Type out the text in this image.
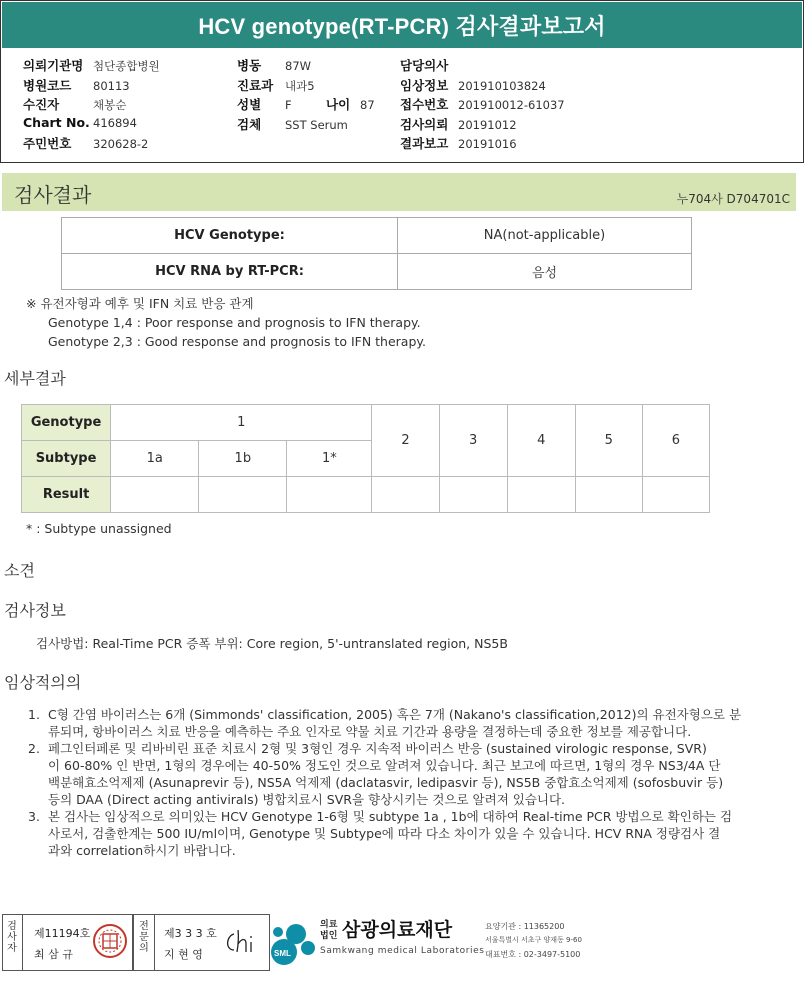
HCV genotype(RT-PCR) 검사결과보고서
의뢰기관명 첨단종합병원
병원코드 80113
수진자	채봉순
Chart No. 416894
주민번호 320628-2
병동 87W
진료과 내과5
성별 F	나이 87
검체 SST Serum
담당의사
임상정보 201910103824
접수번호 201910012-61037
검사의뢰 20191012
결과보고 20191016
검사결과	누704사 D704701C
HCV Genotype:	NA(not-applicable)
HCV RNA by RT-PCR:	음성
※ 유전자형과 예후 및 IFN 치료 반응 관계
Genotype 1,4 : Poor response and prognosis to IFN therapy.
Genotype 2,3 : Good response and prognosis to IFN therapy.
세부결과
Genotype	1			2	3	4	5	6
Subtype	1a	1b	1*					
Result								
* : Subtype unassigned
소견
검사정보
검사방법: Real-Time PCR 증폭 부위: Core region, 5'-untranslated region, NS5B
임상적의의
1. C형 간염 바이러스는 6개 (Simmonds' classification, 2005) 혹은 7개 (Nakano's classification,2012)의 유전자형으로 분
류되며, 항바이러스 치료 반응을 예측하는 주요 인자로 약물 치료 기간과 용량을 결정하는데 중요한 정보를 제공합니다.
2. 페그인터페론 및 리바비린 표준 치료시 2형 및 3형인 경우 지속적 바이러스 반응 (sustained virologic response, SVR)
이 60-80% 인 반면, 1형의 경우에는 40-50% 정도인 것으로 알려져 있습니다. 최근 보고에 따르면, 1형의 경우 NS3/4A 단
백분해효소억제제 (Asunaprevir 등), NS5A 억제제 (daclatasvir, ledipasvir 등), NS5B 중합효소억제제 (sofosbuvir 등)
등의 DAA (Direct acting antivirals) 병합치료시 SVR을 향상시키는 것으로 알려져 있습니다.
3. 본 검사는 임상적으로 의미있는 HCV Genotype 1-6형 및 subtype 1a , 1b에 대하여 Real-time PCR 방법으로 확인하는 검
사로서, 검출한계는 500 IU/ml이며, Genotype 및 Subtype에 따라 다소 차이가 있을 수 있습니다. HCV RNA 정량검사 결
과와 correlation하시기 바랍니다.
검사자
제11194호
최 삼 규
전문의
제3 3 3 호
지 현 영	SML
의료법인 삼광의료재단
Samkwang medical Laboratories
요양기관 : 11365200
서울특별시 서초구 양재동 9-60
대표번호 : 02-3497-5100
